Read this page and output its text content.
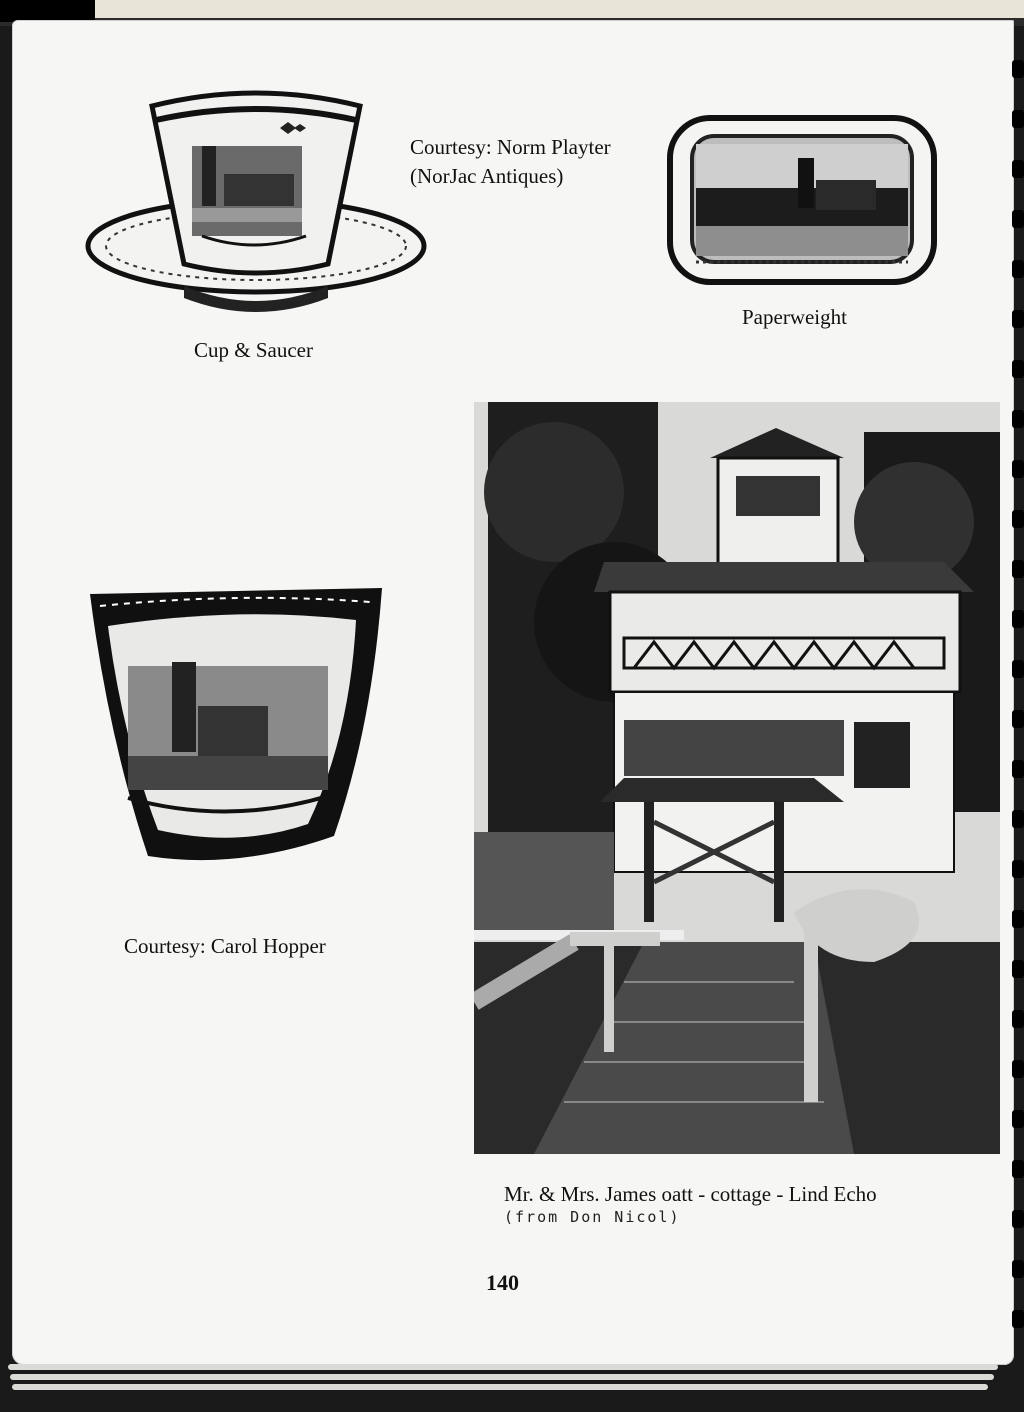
Cup & Saucer
Courtesy: Norm Playter
(NorJac Antiques)
Paperweight
Courtesy: Carol Hopper
Mr. & Mrs. James oatt - cottage - Lind Echo
(from Don Nicol)
140
